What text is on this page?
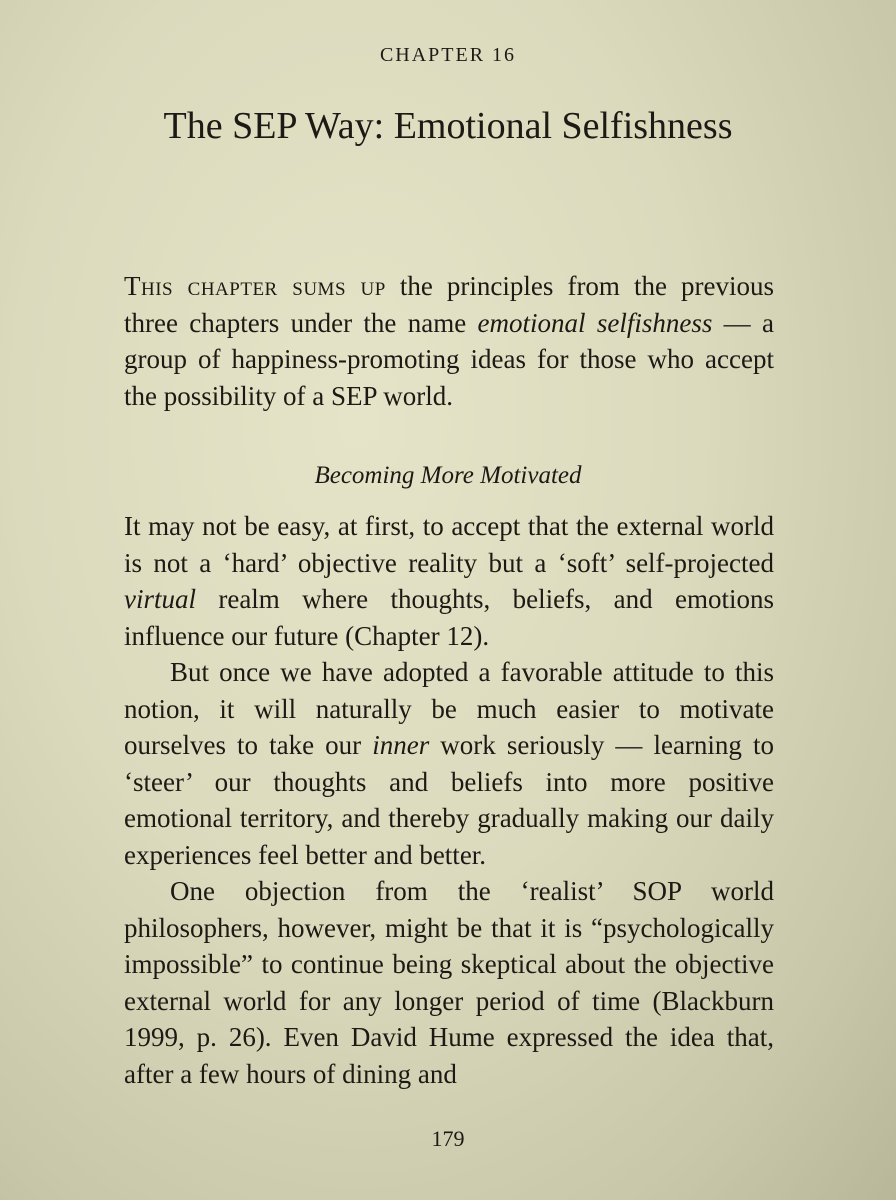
CHAPTER 16
The SEP Way: Emotional Selfishness
This chapter sums up the principles from the previous three chapters under the name emotional selfishness — a group of happiness-promoting ideas for those who accept the possibility of a SEP world.
Becoming More Motivated

It may not be easy, at first, to accept that the external world is not a ‘hard’ objective reality but a ‘soft’ self-projected virtual realm where thoughts, beliefs, and emotions influence our future (Chapter 12).

But once we have adopted a favorable attitude to this notion, it will naturally be much easier to motivate ourselves to take our inner work seriously — learning to ‘steer’ our thoughts and beliefs into more positive emotional territory, and thereby gradually making our daily experiences feel better and better.

One objection from the ‘realist’ SOP world philosophers, however, might be that it is “psychologically impossible” to continue being skeptical about the objective external world for any longer period of time (Blackburn 1999, p. 26). Even David Hume expressed the idea that, after a few hours of dining and

179
